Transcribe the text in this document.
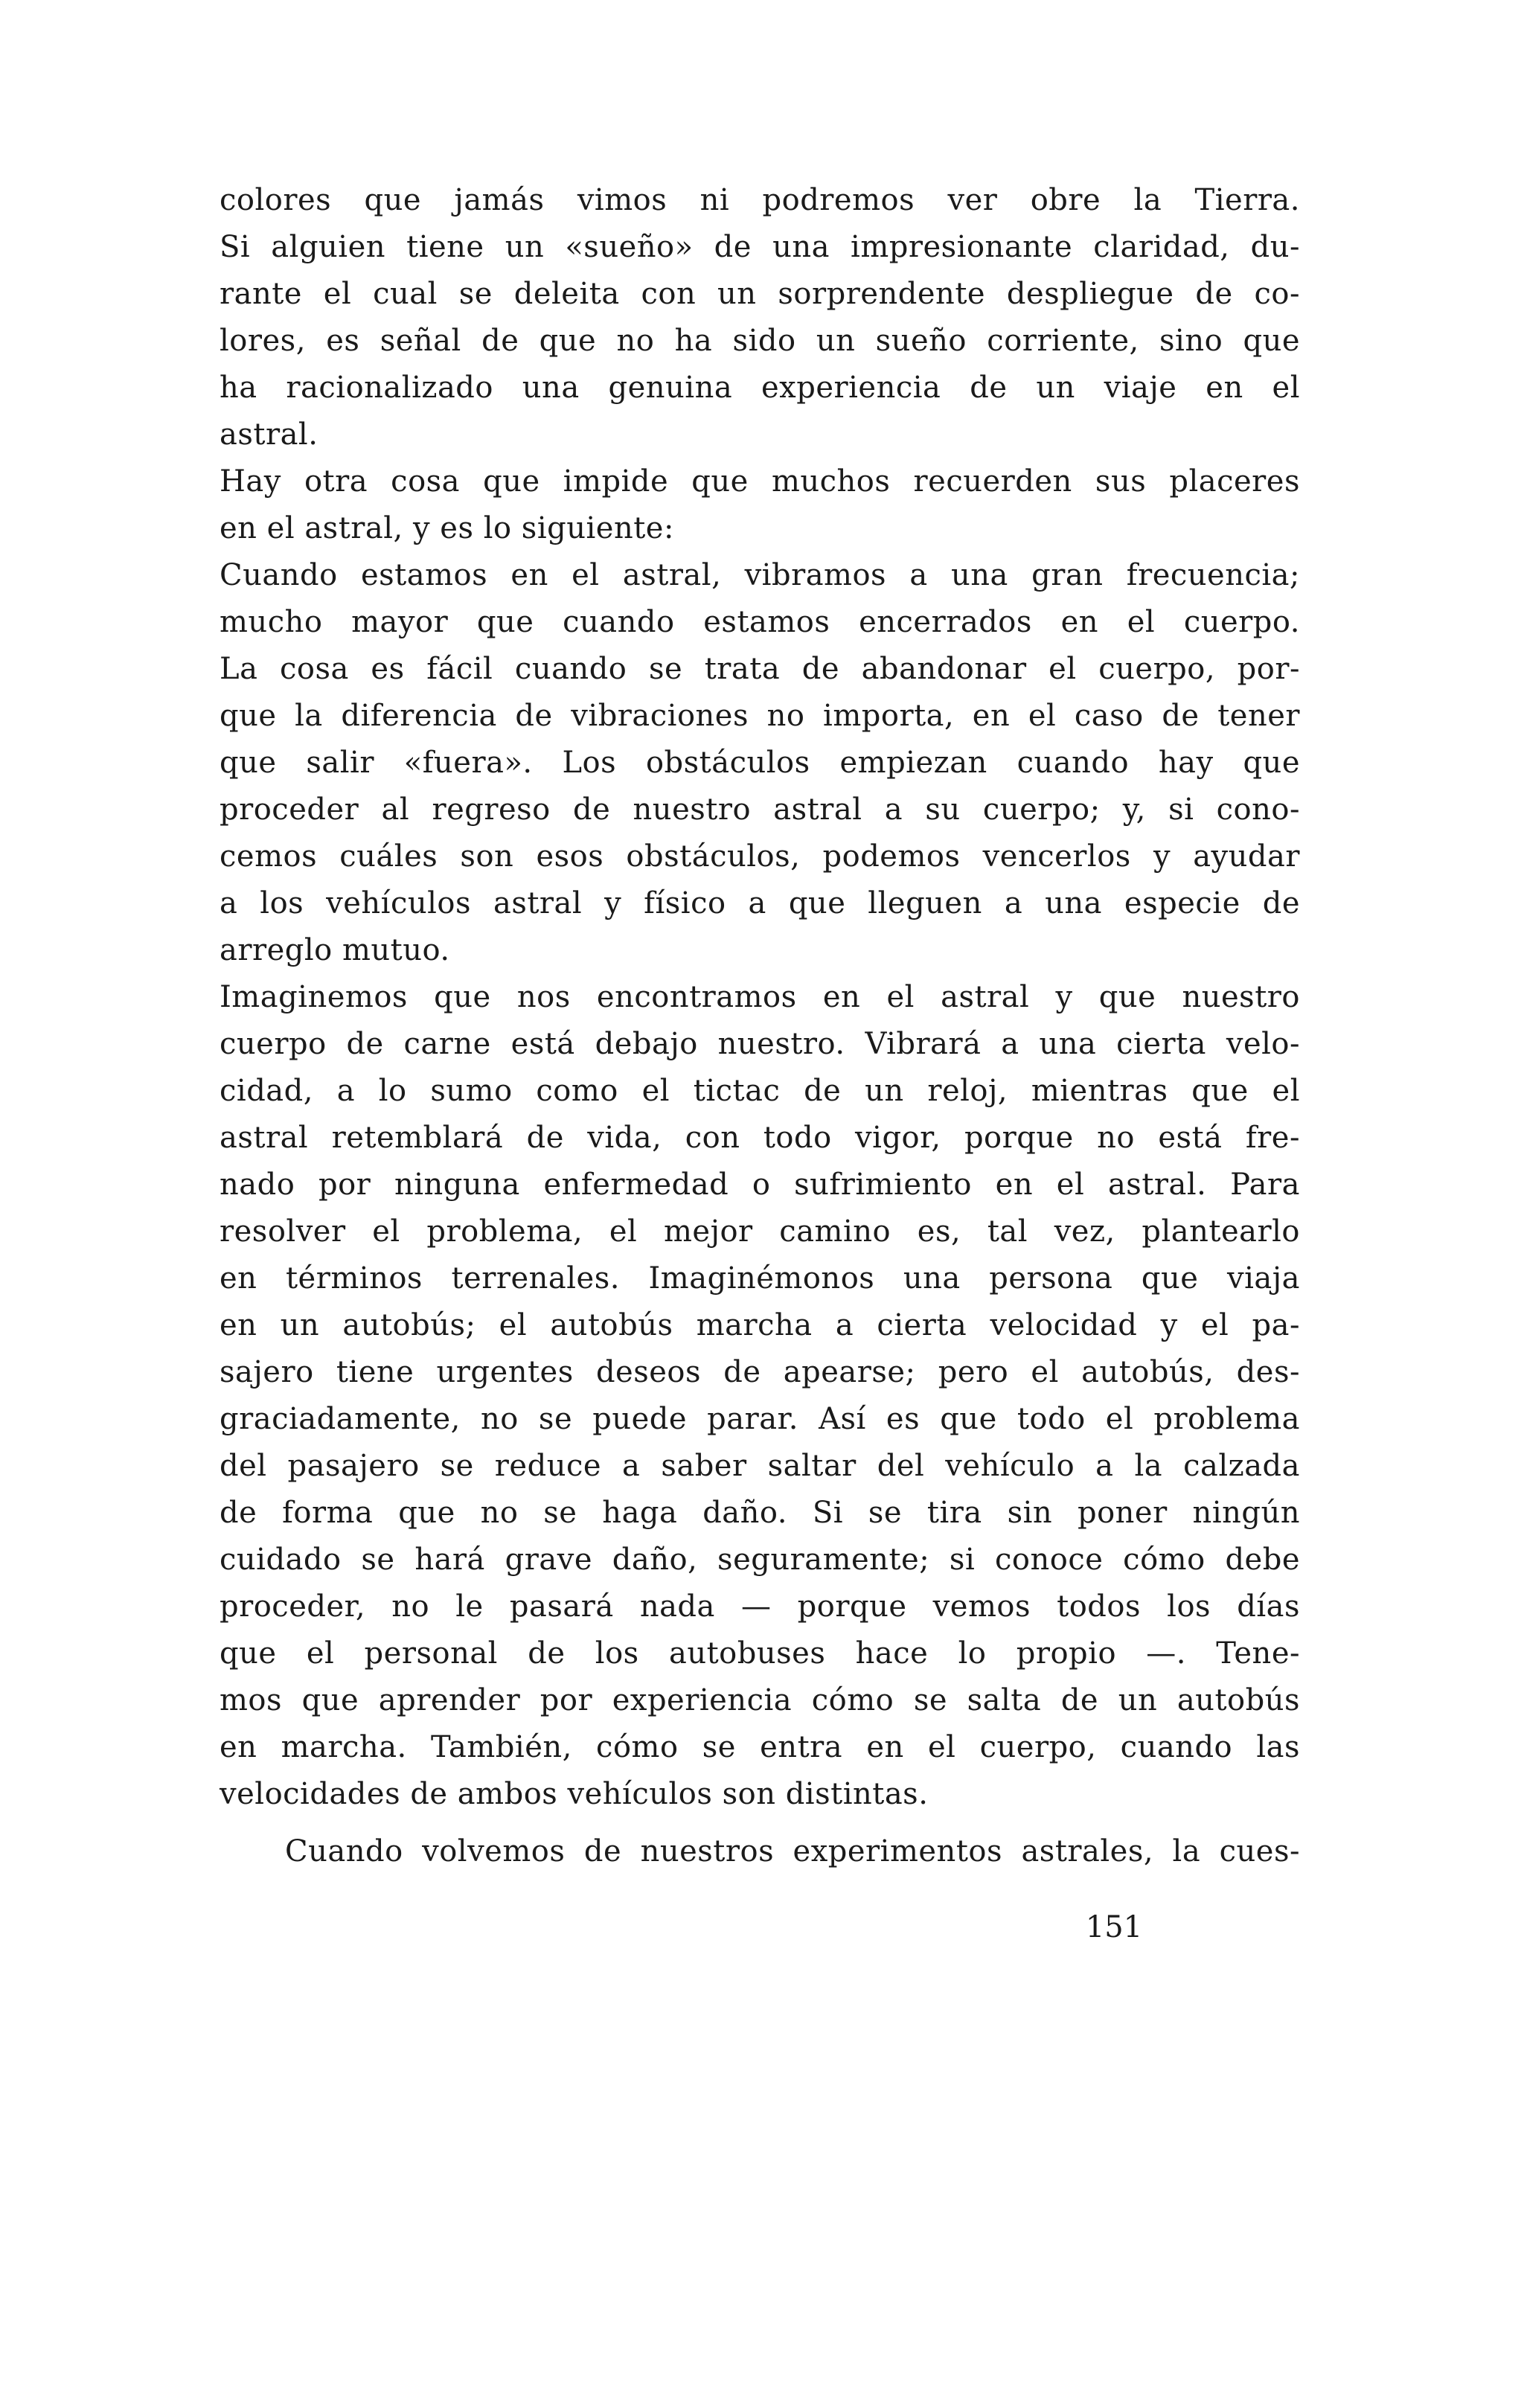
colores que jamás vimos ni podremos ver obre la Tierra.
Si alguien tiene un «sueño» de una impresionante claridad, du-
rante el cual se deleita con un sorprendente despliegue de co-
lores, es señal de que no ha sido un sueño corriente, sino que
ha racionalizado una genuina experiencia de un viaje en el
astral.
Hay otra cosa que impide que muchos recuerden sus placeres
en el astral, y es lo siguiente:
Cuando estamos en el astral, vibramos a una gran frecuencia;
mucho mayor que cuando estamos encerrados en el cuerpo.
La cosa es fácil cuando se trata de abandonar el cuerpo, por-
que la diferencia de vibraciones no importa, en el caso de tener
que salir «fuera». Los obstáculos empiezan cuando hay que
proceder al regreso de nuestro astral a su cuerpo; y, si cono-
cemos cuáles son esos obstáculos, podemos vencerlos y ayudar
a los vehículos astral y físico a que lleguen a una especie de
arreglo mutuo.
Imaginemos que nos encontramos en el astral y que nuestro
cuerpo de carne está debajo nuestro. Vibrará a una cierta velo-
cidad, a lo sumo como el tictac de un reloj, mientras que el
astral retemblará de vida, con todo vigor, porque no está fre-
nado por ninguna enfermedad o sufrimiento en el astral. Para
resolver el problema, el mejor camino es, tal vez, plantearlo
en términos terrenales. Imaginémonos una persona que viaja
en un autobús; el autobús marcha a cierta velocidad y el pa-
sajero tiene urgentes deseos de apearse; pero el autobús, des-
graciadamente, no se puede parar. Así es que todo el problema
del pasajero se reduce a saber saltar del vehículo a la calzada
de forma que no se haga daño. Si se tira sin poner ningún
cuidado se hará grave daño, seguramente; si conoce cómo debe
proceder, no le pasará nada — porque vemos todos los días
que el personal de los autobuses hace lo propio —. Tene-
mos que aprender por experiencia cómo se salta de un autobús
en marcha. También, cómo se entra en el cuerpo, cuando las
velocidades de ambos vehículos son distintas.
Cuando volvemos de nuestros experimentos astrales, la cues-
151
